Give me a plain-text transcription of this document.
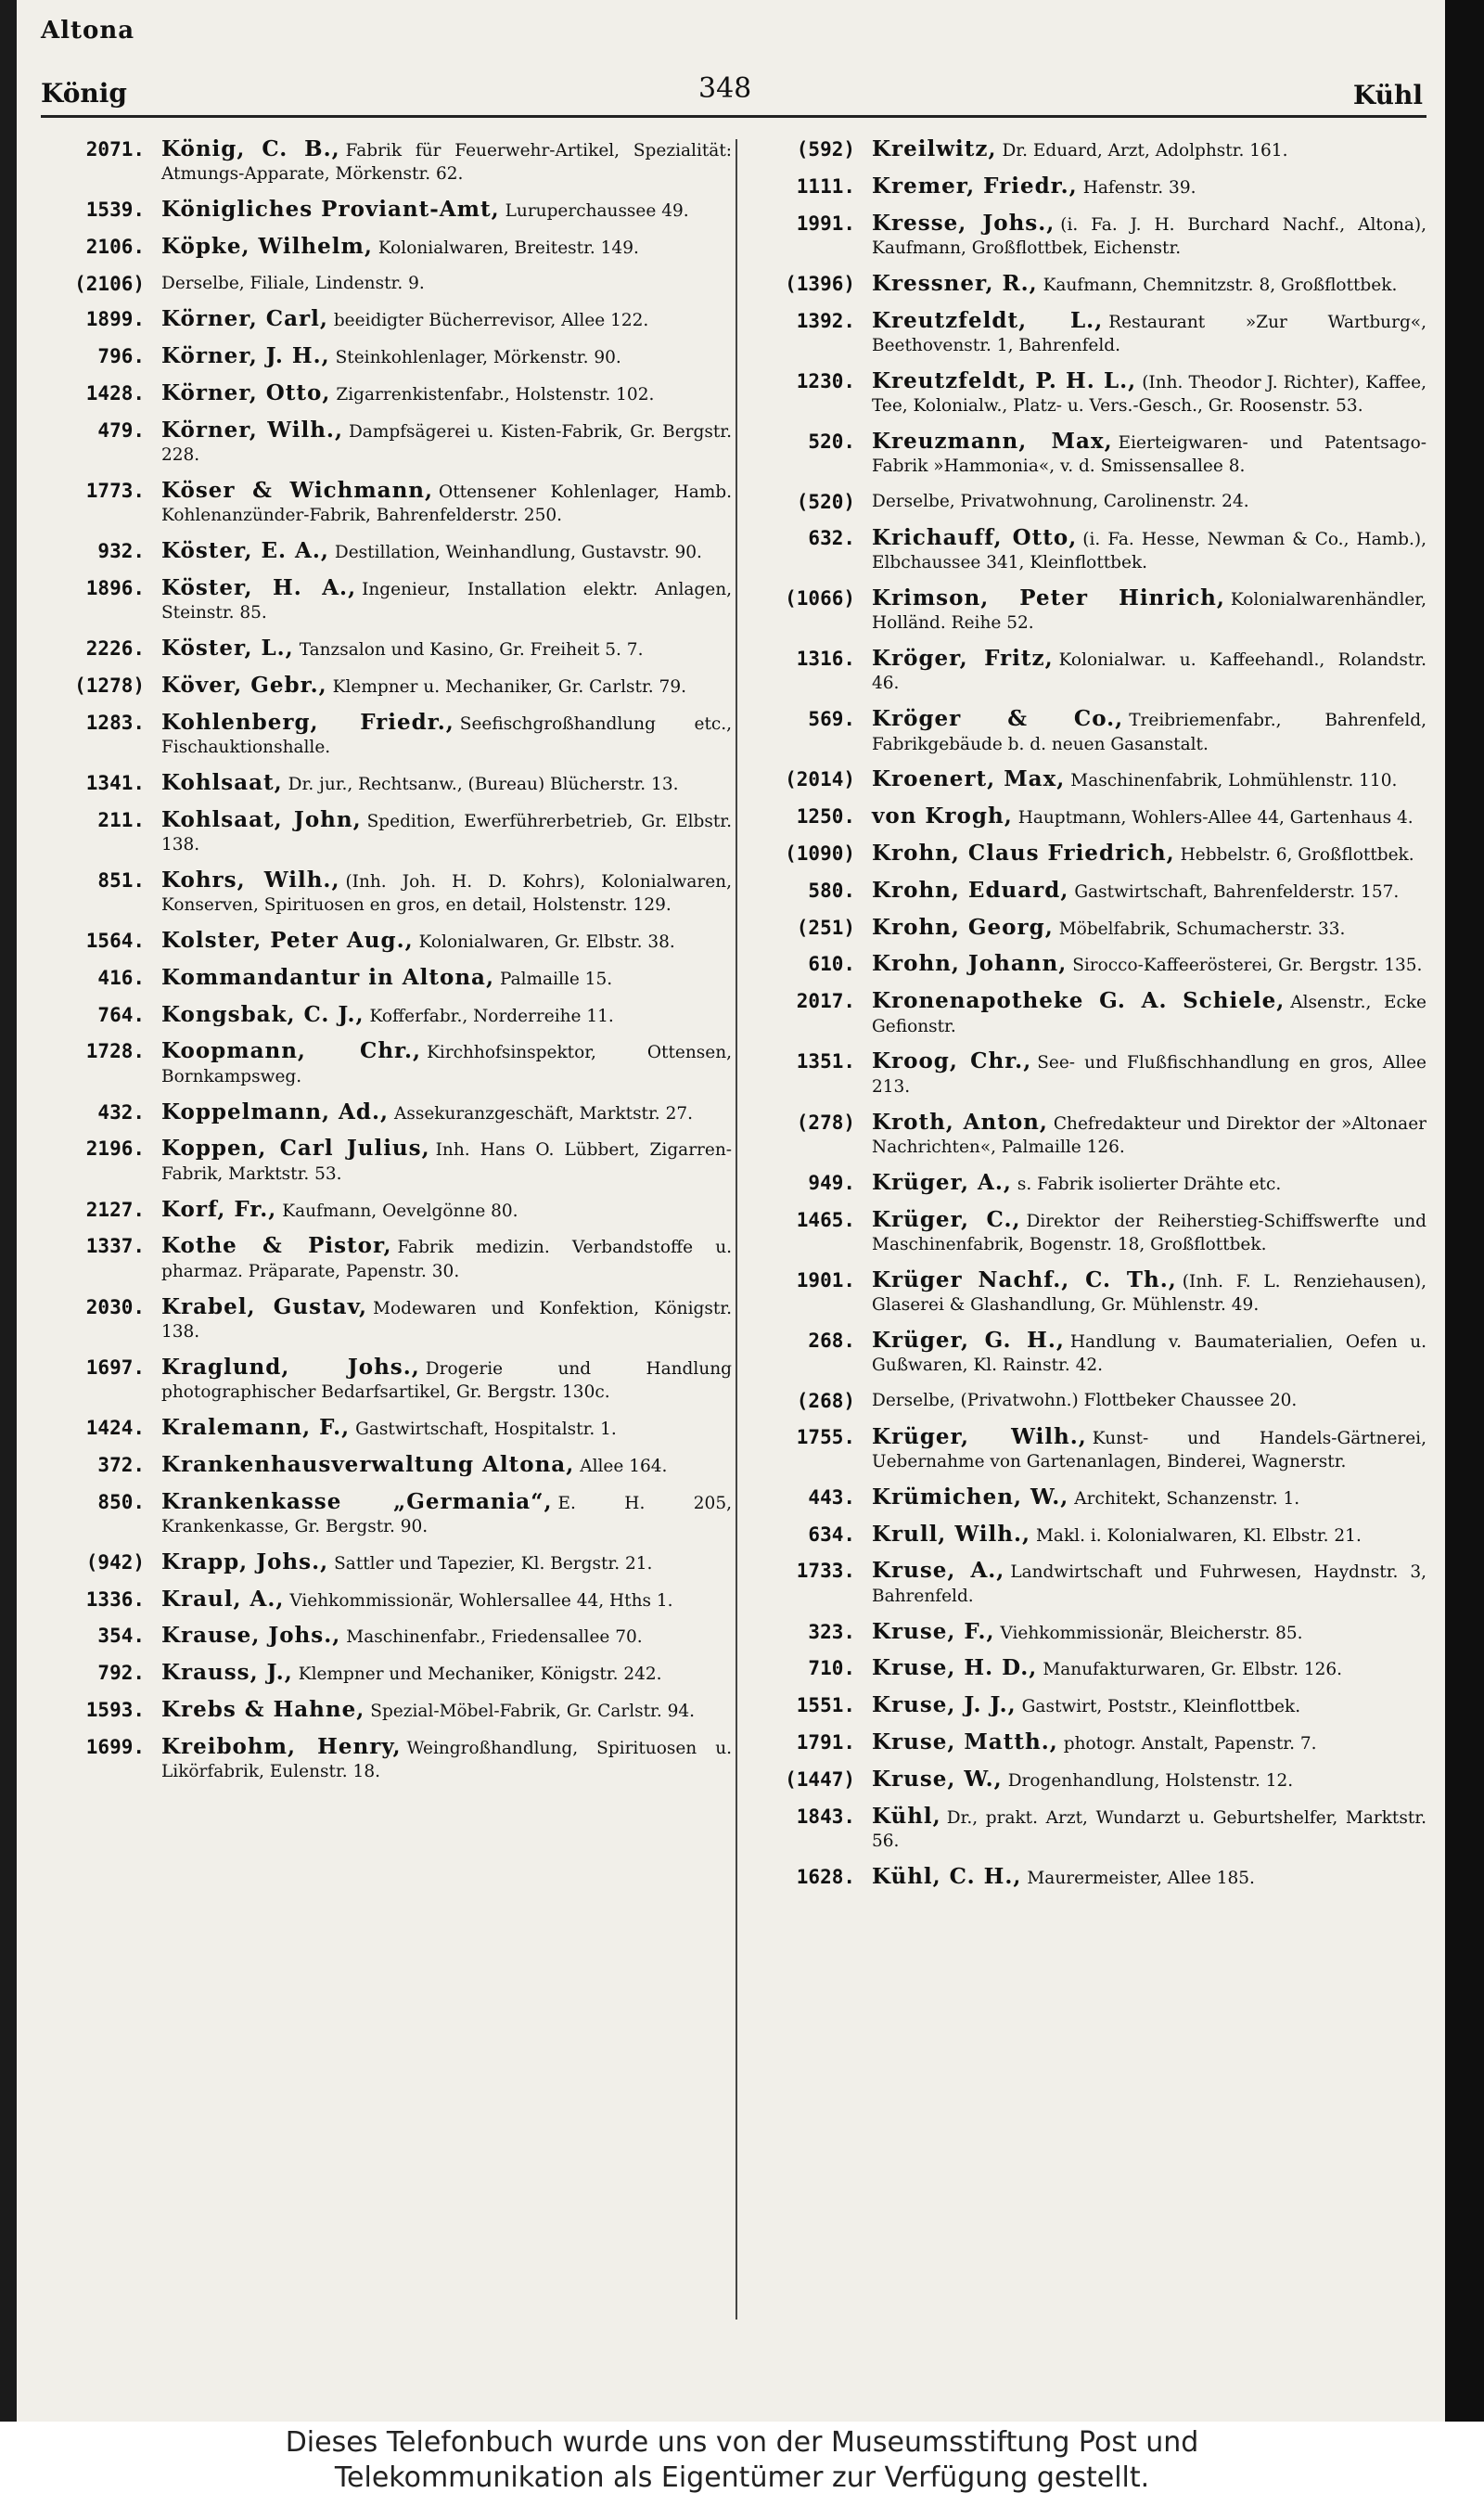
Altona
König	348	Kühl
2071. König, C. B., Fabrik für Feuerwehr-Artikel, Spezialität: Atmungs-Apparate, Mörkenstr. 62.
1539. Königliches Proviant-Amt, Luruperchaussee 49.
2106. Köpke, Wilhelm, Kolonialwaren, Breitestr. 149.
(2106) Derselbe, Filiale, Lindenstr. 9.
1899. Körner, Carl, beeidigter Bücherrevisor, Allee 122.
796. Körner, J. H., Steinkohlenlager, Mörkenstr. 90.
1428. Körner, Otto, Zigarrenkistenfabr., Holstenstr. 102.
479. Körner, Wilh., Dampfsägerei u. Kisten-Fabrik, Gr. Bergstr. 228.
1773. Köser & Wichmann, Ottensener Kohlenlager, Hamb. Kohlenanzünder-Fabrik, Bahrenfelderstr. 250.
932. Köster, E. A., Destillation, Weinhandlung, Gustavstr. 90.
1896. Köster, H. A., Ingenieur, Installation elektr. Anlagen, Steinstr. 85.
2226. Köster, L., Tanzsalon und Kasino, Gr. Freiheit 5. 7.
(1278) Köver, Gebr., Klempner u. Mechaniker, Gr. Carlstr. 79.
1283. Kohlenberg, Friedr., Seefischgroßhandlung etc., Fischauktionshalle.
1341. Kohlsaat, Dr. jur., Rechtsanw., (Bureau) Blücherstr. 13.
211. Kohlsaat, John, Spedition, Ewerführerbetrieb, Gr. Elbstr. 138.
851. Kohrs, Wilh., (Inh. Joh. H. D. Kohrs), Kolonialwaren, Konserven, Spirituosen en gros, en detail, Holstenstr. 129.
1564. Kolster, Peter Aug., Kolonialwaren, Gr. Elbstr. 38.
416. Kommandantur in Altona, Palmaille 15.
764. Kongsbak, C. J., Kofferfabr., Norderreihe 11.
1728. Koopmann, Chr., Kirchhofsinspektor, Ottensen, Bornkampsweg.
432. Koppelmann, Ad., Assekuranzgeschäft, Marktstr. 27.
2196. Koppen, Carl Julius, Inh. Hans O. Lübbert, Zigarren-Fabrik, Marktstr. 53.
2127. Korf, Fr., Kaufmann, Oevelgönne 80.
1337. Kothe & Pistor, Fabrik medizin. Verbandstoffe u. pharmaz. Präparate, Papenstr. 30.
2030. Krabel, Gustav, Modewaren und Konfektion, Königstr. 138.
1697. Kraglund, Johs., Drogerie und Handlung photographischer Bedarfsartikel, Gr. Bergstr. 130c.
1424. Kralemann, F., Gastwirtschaft, Hospitalstr. 1.
372. Krankenhausverwaltung Altona, Allee 164.
850. Krankenkasse „Germania“, E. H. 205, Krankenkasse, Gr. Bergstr. 90.
(942) Krapp, Johs., Sattler und Tapezier, Kl. Bergstr. 21.
1336. Kraul, A., Viehkommissionär, Wohlersallee 44, Hths 1.
354. Krause, Johs., Maschinenfabr., Friedensallee 70.
792. Krauss, J., Klempner und Mechaniker, Königstr. 242.
1593. Krebs & Hahne, Spezial-Möbel-Fabrik, Gr. Carlstr. 94.
1699. Kreibohm, Henry, Weingroßhandlung, Spirituosen u. Likörfabrik, Eulenstr. 18.
(592) Kreilwitz, Dr. Eduard, Arzt, Adolphstr. 161.
1111. Kremer, Friedr., Hafenstr. 39.
1991. Kresse, Johs., (i. Fa. J. H. Burchard Nachf., Altona), Kaufmann, Großflottbek, Eichenstr.
(1396) Kressner, R., Kaufmann, Chemnitzstr. 8, Großflottbek.
1392. Kreutzfeldt, L., Restaurant »Zur Wartburg«, Beethovenstr. 1, Bahrenfeld.
1230. Kreutzfeldt, P. H. L., (Inh. Theodor J. Richter), Kaffee, Tee, Kolonialw., Platz- u. Vers.-Gesch., Gr. Roosenstr. 53.
520. Kreuzmann, Max, Eierteigwaren- und Patentsago-Fabrik »Hammonia«, v. d. Smissensallee 8.
(520) Derselbe, Privatwohnung, Carolinenstr. 24.
632. Krichauff, Otto, (i. Fa. Hesse, Newman & Co., Hamb.), Elbchaussee 341, Kleinflottbek.
(1066) Krimson, Peter Hinrich, Kolonialwarenhändler, Holländ. Reihe 52.
1316. Kröger, Fritz, Kolonialwar. u. Kaffeehandl., Rolandstr. 46.
569. Kröger & Co., Treibriemenfabr., Bahrenfeld, Fabrikgebäude b. d. neuen Gasanstalt.
(2014) Kroenert, Max, Maschinenfabrik, Lohmühlenstr. 110.
1250. von Krogh, Hauptmann, Wohlers-Allee 44, Gartenhaus 4.
(1090) Krohn, Claus Friedrich, Hebbelstr. 6, Großflottbek.
580. Krohn, Eduard, Gastwirtschaft, Bahrenfelderstr. 157.
(251) Krohn, Georg, Möbelfabrik, Schumacherstr. 33.
610. Krohn, Johann, Sirocco-Kaffeerösterei, Gr. Bergstr. 135.
2017. Kronenapotheke G. A. Schiele, Alsenstr., Ecke Gefionstr.
1351. Kroog, Chr., See- und Flußfischhandlung en gros, Allee 213.
(278) Kroth, Anton, Chefredakteur und Direktor der »Altonaer Nachrichten«, Palmaille 126.
949. Krüger, A., s. Fabrik isolierter Drähte etc.
1465. Krüger, C., Direktor der Reiherstieg-Schiffswerfte und Maschinenfabrik, Bogenstr. 18, Großflottbek.
1901. Krüger Nachf., C. Th., (Inh. F. L. Renziehausen), Glaserei & Glashandlung, Gr. Mühlenstr. 49.
268. Krüger, G. H., Handlung v. Baumaterialien, Oefen u. Gußwaren, Kl. Rainstr. 42.
(268) Derselbe, (Privatwohn.) Flottbeker Chaussee 20.
1755. Krüger, Wilh., Kunst- und Handels-Gärtnerei, Uebernahme von Gartenanlagen, Binderei, Wagnerstr.
443. Krümichen, W., Architekt, Schanzenstr. 1.
634. Krull, Wilh., Makl. i. Kolonialwaren, Kl. Elbstr. 21.
1733. Kruse, A., Landwirtschaft und Fuhrwesen, Haydnstr. 3, Bahrenfeld.
323. Kruse, F., Viehkommissionär, Bleicherstr. 85.
710. Kruse, H. D., Manufakturwaren, Gr. Elbstr. 126.
1551. Kruse, J. J., Gastwirt, Poststr., Kleinflottbek.
1791. Kruse, Matth., photogr. Anstalt, Papenstr. 7.
(1447) Kruse, W., Drogenhandlung, Holstenstr. 12.
1843. Kühl, Dr., prakt. Arzt, Wundarzt u. Geburtshelfer, Marktstr. 56.
1628. Kühl, C. H., Maurermeister, Allee 185.
Dieses Telefonbuch wurde uns von der Museumsstiftung Post und
Telekommunikation als Eigentümer zur Verfügung gestellt.
